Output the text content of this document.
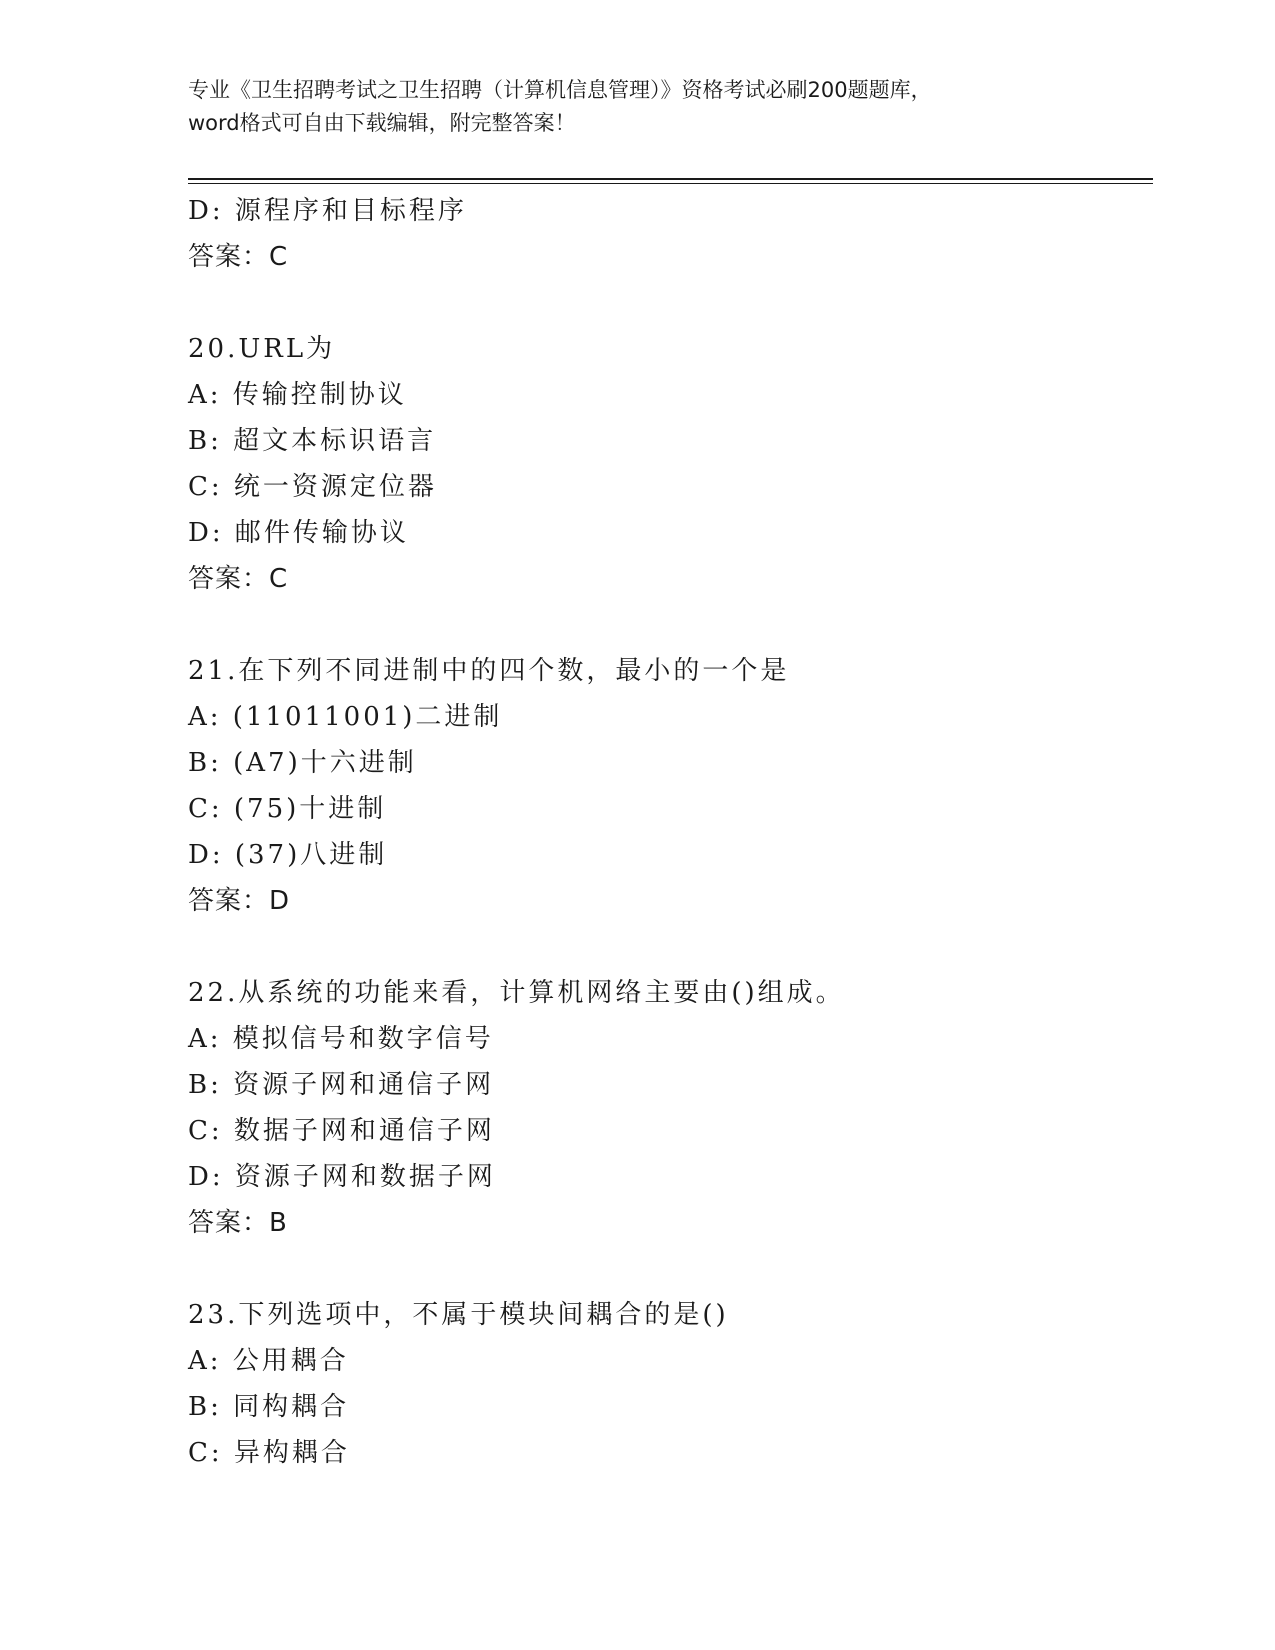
专业《卫生招聘考试之卫生招聘（计算机信息管理）》资格考试必刷200题题库，
word格式可自由下载编辑，附完整答案！
D: 源程序和目标程序
答案：C
20.URL为
A: 传输控制协议
B: 超文本标识语言
C: 统一资源定位器
D: 邮件传输协议
答案：C
21.在下列不同进制中的四个数，最小的一个是
A: (11011001)二进制
B: (A7)十六进制
C: (75)十进制
D: (37)八进制
答案：D
22.从系统的功能来看，计算机网络主要由()组成。
A: 模拟信号和数字信号
B: 资源子网和通信子网
C: 数据子网和通信子网
D: 资源子网和数据子网
答案：B
23.下列选项中，不属于模块间耦合的是()
A: 公用耦合
B: 同构耦合
C: 异构耦合
